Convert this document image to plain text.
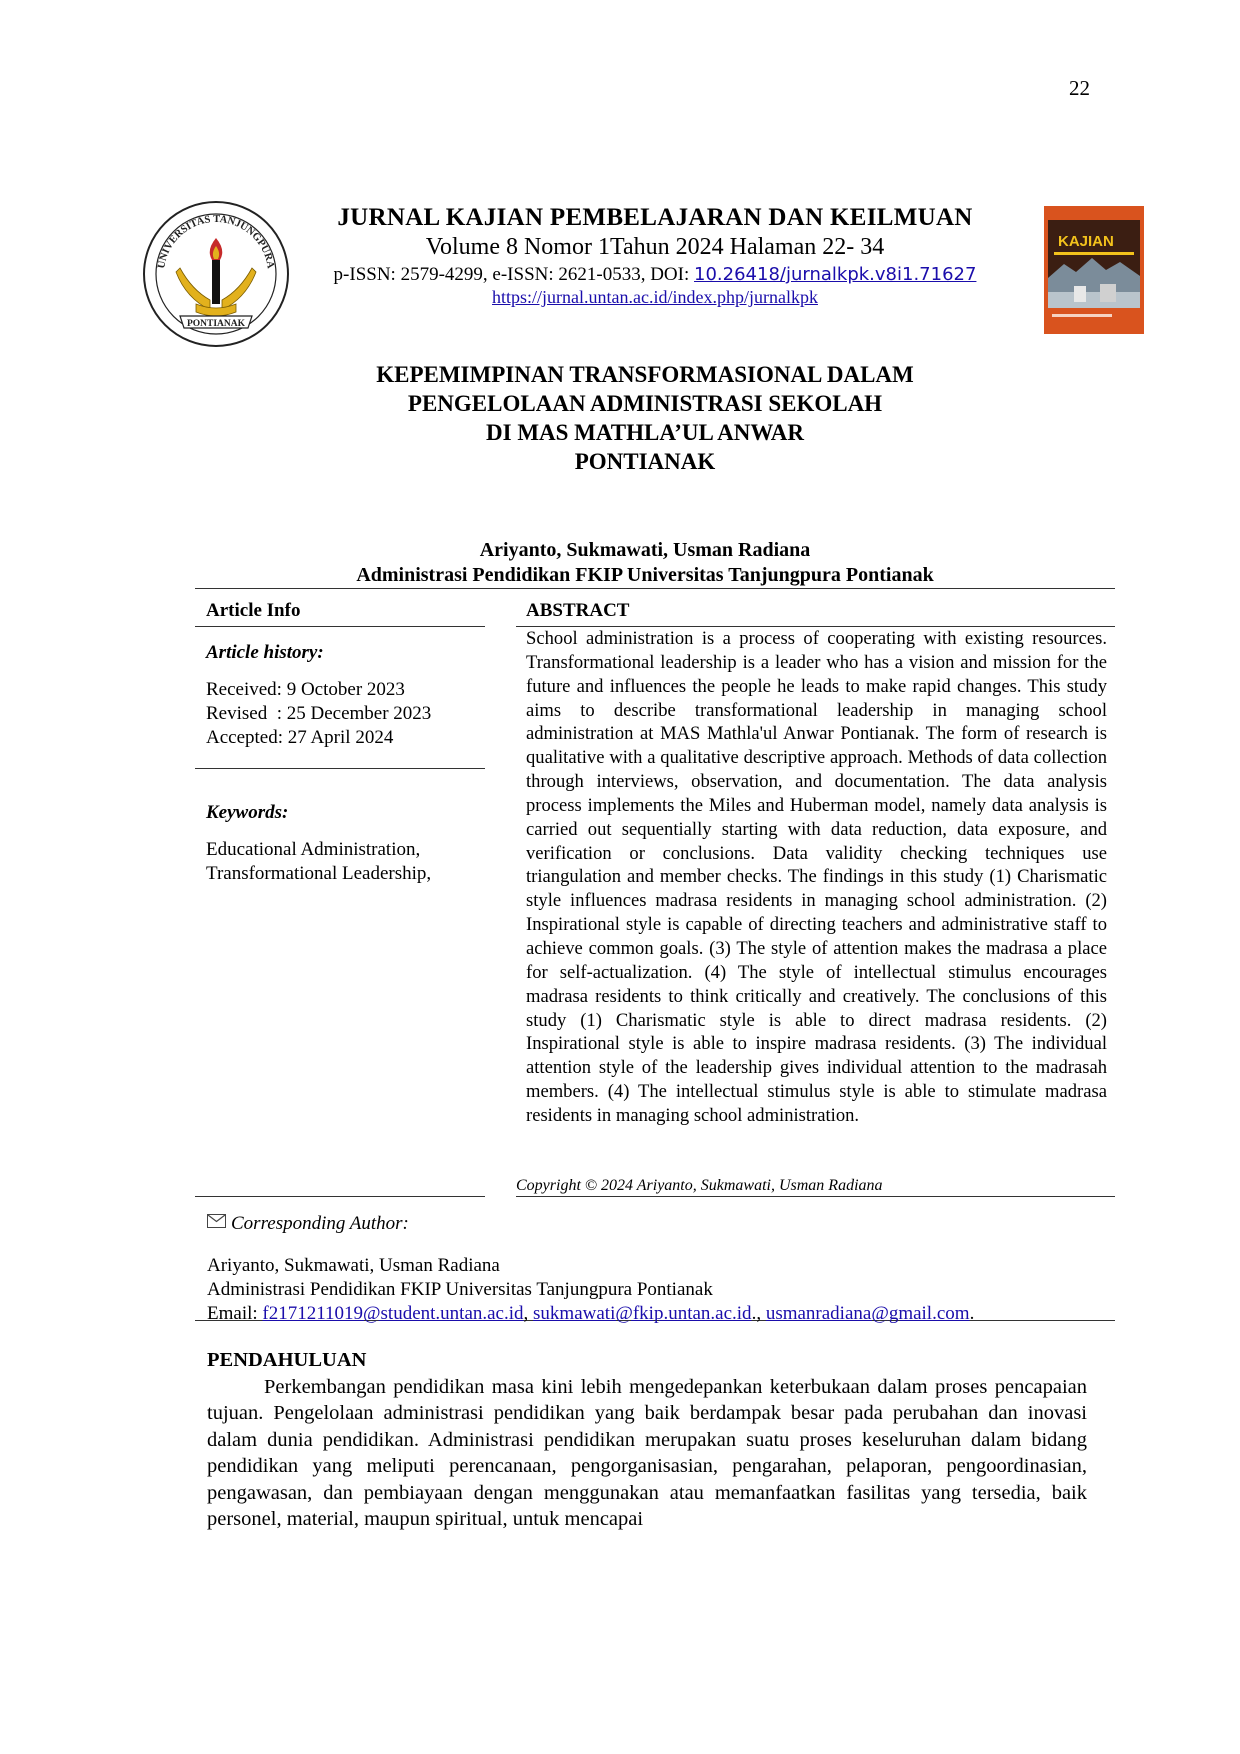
22
UNIVERSITAS TANJUNGPURA
PONTIANAK
JURNAL KAJIAN PEMBELAJARAN DAN KEILMUAN
Volume 8 Nomor 1Tahun 2024 Halaman 22- 34
p-ISSN: 2579-4299, e-ISSN: 2621-0533, DOI: 10.26418/jurnalkpk.v8i1.71627
https://jurnal.untan.ac.id/index.php/jurnalkpk
KAJIAN
KEPEMIMPINAN TRANSFORMASIONAL DALAM
PENGELOLAAN ADMINISTRASI SEKOLAH
DI MAS MATHLA’UL ANWAR
PONTIANAK
Ariyanto, Sukmawati, Usman Radiana
Administrasi Pendidikan FKIP Universitas Tanjungpura Pontianak
Article Info
Article history:
Received: 9 October 2023
Revised  : 25 December 2023
Accepted: 27 April 2024
Keywords:
Educational Administration,
Transformational Leadership,
ABSTRACT
School administration is a process of cooperating with existing resources. Transformational leadership is a leader who has a vision and mission for the future and influences the people he leads to make rapid changes. This study aims to describe transformational leadership in managing school administration at MAS Mathla'ul Anwar Pontianak. The form of research is qualitative with a qualitative descriptive approach. Methods of data collection through interviews, observation, and documentation. The data analysis process implements the Miles and Huberman model, namely data analysis is carried out sequentially starting with data reduction, data exposure, and verification or conclusions. Data validity checking techniques use triangulation and member checks. The findings in this study (1) Charismatic style influences madrasa residents in managing school administration. (2) Inspirational style is capable of directing teachers and administrative staff to achieve common goals. (3) The style of attention makes the madrasa a place for self-actualization. (4) The style of intellectual stimulus encourages madrasa residents to think critically and creatively. The conclusions of this study (1) Charismatic style is able to direct madrasa residents. (2) Inspirational style is able to inspire madrasa residents. (3) The individual attention style of the leadership gives individual attention to the madrasah members. (4) The intellectual stimulus style is able to stimulate madrasa residents in managing school administration.
Copyright © 2024 Ariyanto, Sukmawati, Usman Radiana
Corresponding Author:
Ariyanto, Sukmawati, Usman Radiana
Administrasi Pendidikan FKIP Universitas Tanjungpura Pontianak
Email: f2171211019@student.untan.ac.id, sukmawati@fkip.untan.ac.id., usmanradiana@gmail.com.
PENDAHULUAN
Perkembangan pendidikan masa kini lebih mengedepankan keterbukaan dalam proses pencapaian tujuan. Pengelolaan administrasi pendidikan yang baik berdampak besar pada perubahan dan inovasi dalam dunia pendidikan. Administrasi pendidikan merupakan suatu proses keseluruhan dalam bidang pendidikan yang meliputi perencanaan, pengorganisasian, pengarahan, pelaporan, pengoordinasian, pengawasan, dan pembiayaan dengan menggunakan atau memanfaatkan fasilitas yang tersedia, baik personel, material, maupun spiritual, untuk mencapai
